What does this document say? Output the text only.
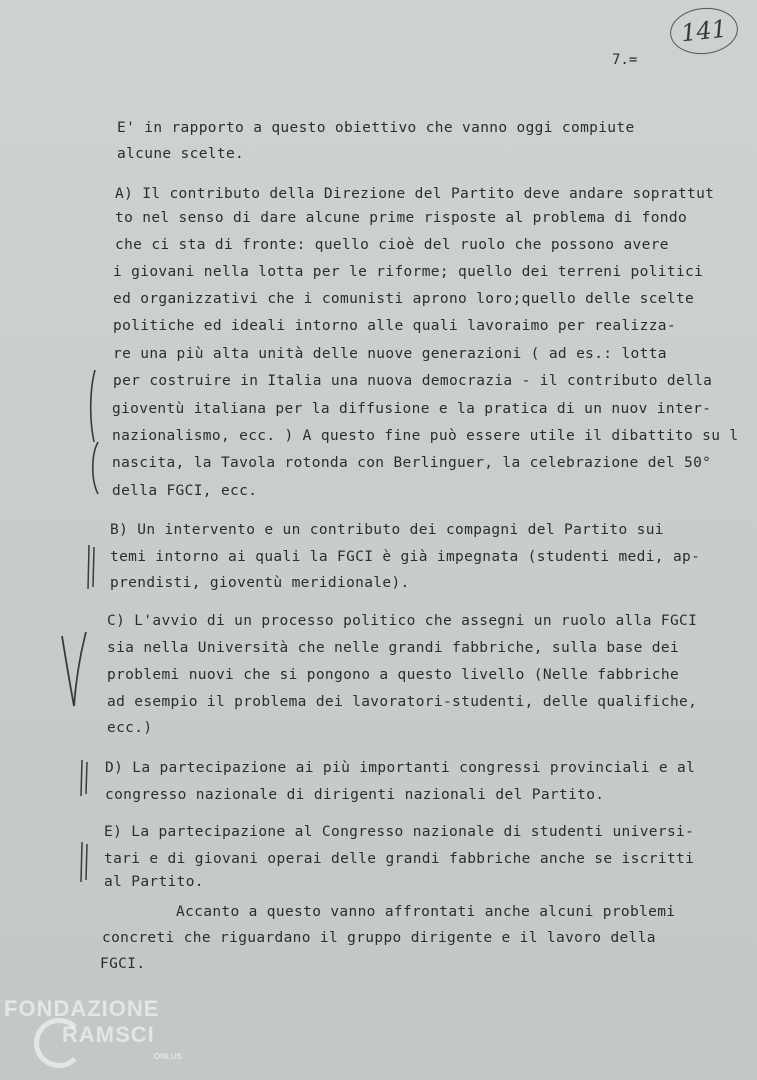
141
7.=
E' in rapporto a questo obiettivo che vanno oggi compiute
alcune scelte.
A) Il contributo della Direzione del Partito deve andare soprattut
to nel senso di dare alcune prime risposte al problema di fondo
che ci sta di fronte: quello cioè del ruolo che possono avere
i giovani nella lotta per le riforme; quello dei terreni politici
ed organizzativi che i comunisti aprono loro;quello delle scelte
politiche ed ideali intorno alle quali lavoraimo per realizza-
re una più alta unità delle nuove generazioni ( ad es.: lotta
per costruire in Italia una nuova democrazia - il contributo della
gioventù italiana per la diffusione e la pratica di un nuov inter-
nazionalismo, ecc. ) A questo fine può essere utile il dibattito su l
nascita, la Tavola rotonda con Berlinguer, la celebrazione del 50°
della FGCI, ecc.
B) Un intervento e un contributo dei compagni del Partito sui
temi intorno ai quali la FGCI è già impegnata (studenti medi, ap-
prendisti, gioventù meridionale).
C) L'avvio di un processo politico che assegni un ruolo alla FGCI
sia nella Università che nelle grandi fabbriche, sulla base dei
problemi nuovi che si pongono a questo livello (Nelle fabbriche
ad esempio il problema dei lavoratori-studenti, delle qualifiche,
ecc.)
D) La partecipazione ai più importanti congressi provinciali e al
congresso nazionale di dirigenti nazionali del Partito.
E) La partecipazione al Congresso nazionale di studenti universi-
tari e di giovani operai delle grandi fabbriche anche se iscritti
al Partito.
Accanto a questo vanno affrontati anche alcuni problemi
concreti che riguardano il gruppo dirigente e il lavoro della
FGCI.
FONDAZIONE
RAMSCI
ONLUS
